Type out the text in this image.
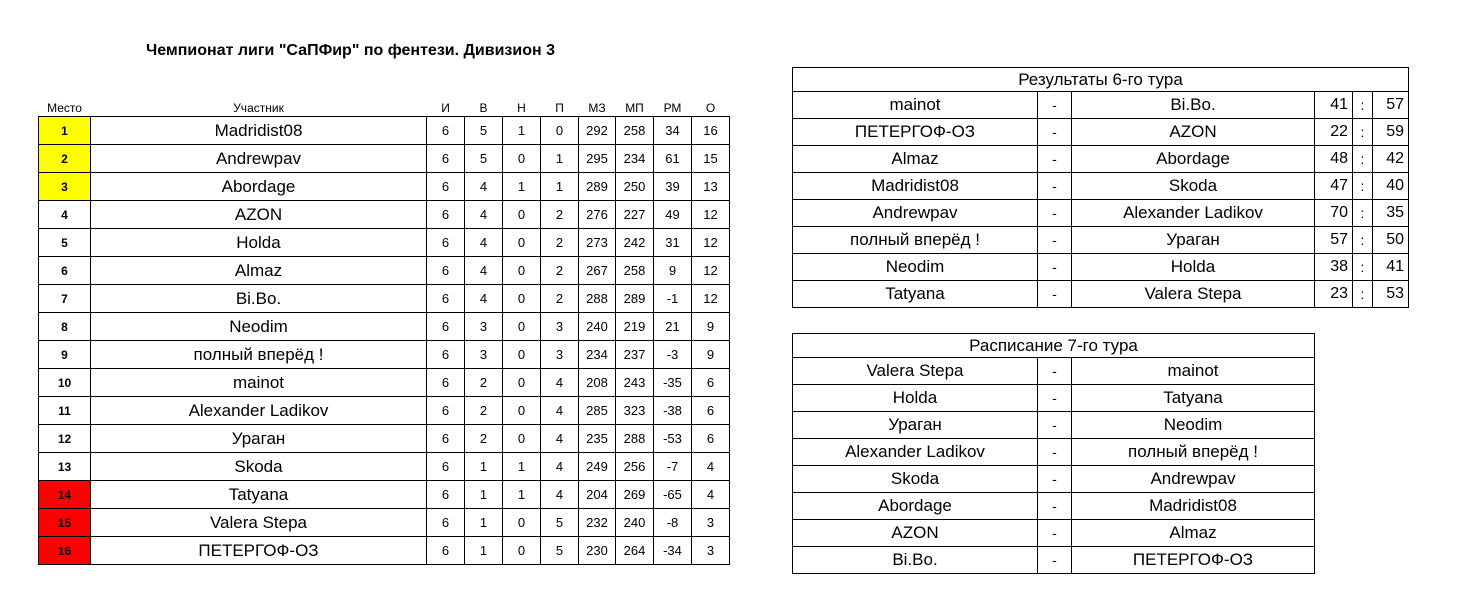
Чемпионат лиги "СаПФир" по фентези. Дивизион 3
Место	Участник	И	В	Н	П	МЗ	МП	РМ	О	
1	Madridist08	6	5	1	0	292	258	34	16	
2	Andrewpav	6	5	0	1	295	234	61	15	
3	Abordage	6	4	1	1	289	250	39	13	
4	AZON	6	4	0	2	276	227	49	12	
5	Holda	6	4	0	2	273	242	31	12	
6	Almaz	6	4	0	2	267	258	9	12	
7	Bi.Bo.	6	4	0	2	288	289	-1	12	
8	Neodim	6	3	0	3	240	219	21	9	
9	полный вперёд !	6	3	0	3	234	237	-3	9	
10	mainot	6	2	0	4	208	243	-35	6	
11	Alexander Ladikov	6	2	0	4	285	323	-38	6	
12	Ураган	6	2	0	4	235	288	-53	6	
13	Skoda	6	1	1	4	249	256	-7	4	
14	Tatyana	6	1	1	4	204	269	-65	4	
15	Valera Stepa	6	1	0	5	232	240	-8	3	
16	ПЕТЕРГОФ-ОЗ	6	1	0	5	230	264	-34	3	
Результаты 6-го тура					
mainot	-	Bi.Bo.	41	:	57
ПЕТЕРГОФ-ОЗ	-	AZON	22	:	59
Almaz	-	Abordage	48	:	42
Madridist08	-	Skoda	47	:	40
Andrewpav	-	Alexander Ladikov	70	:	35
полный вперёд !	-	Ураган	57	:	50
Neodim	-	Holda	38	:	41
Tatyana	-	Valera Stepa	23	:	53
Расписание 7-го тура		
Valera Stepa	-	mainot
Holda	-	Tatyana
Ураган	-	Neodim
Alexander Ladikov	-	полный вперёд !
Skoda	-	Andrewpav
Abordage	-	Madridist08
AZON	-	Almaz
Bi.Bo.	-	ПЕТЕРГОФ-ОЗ
